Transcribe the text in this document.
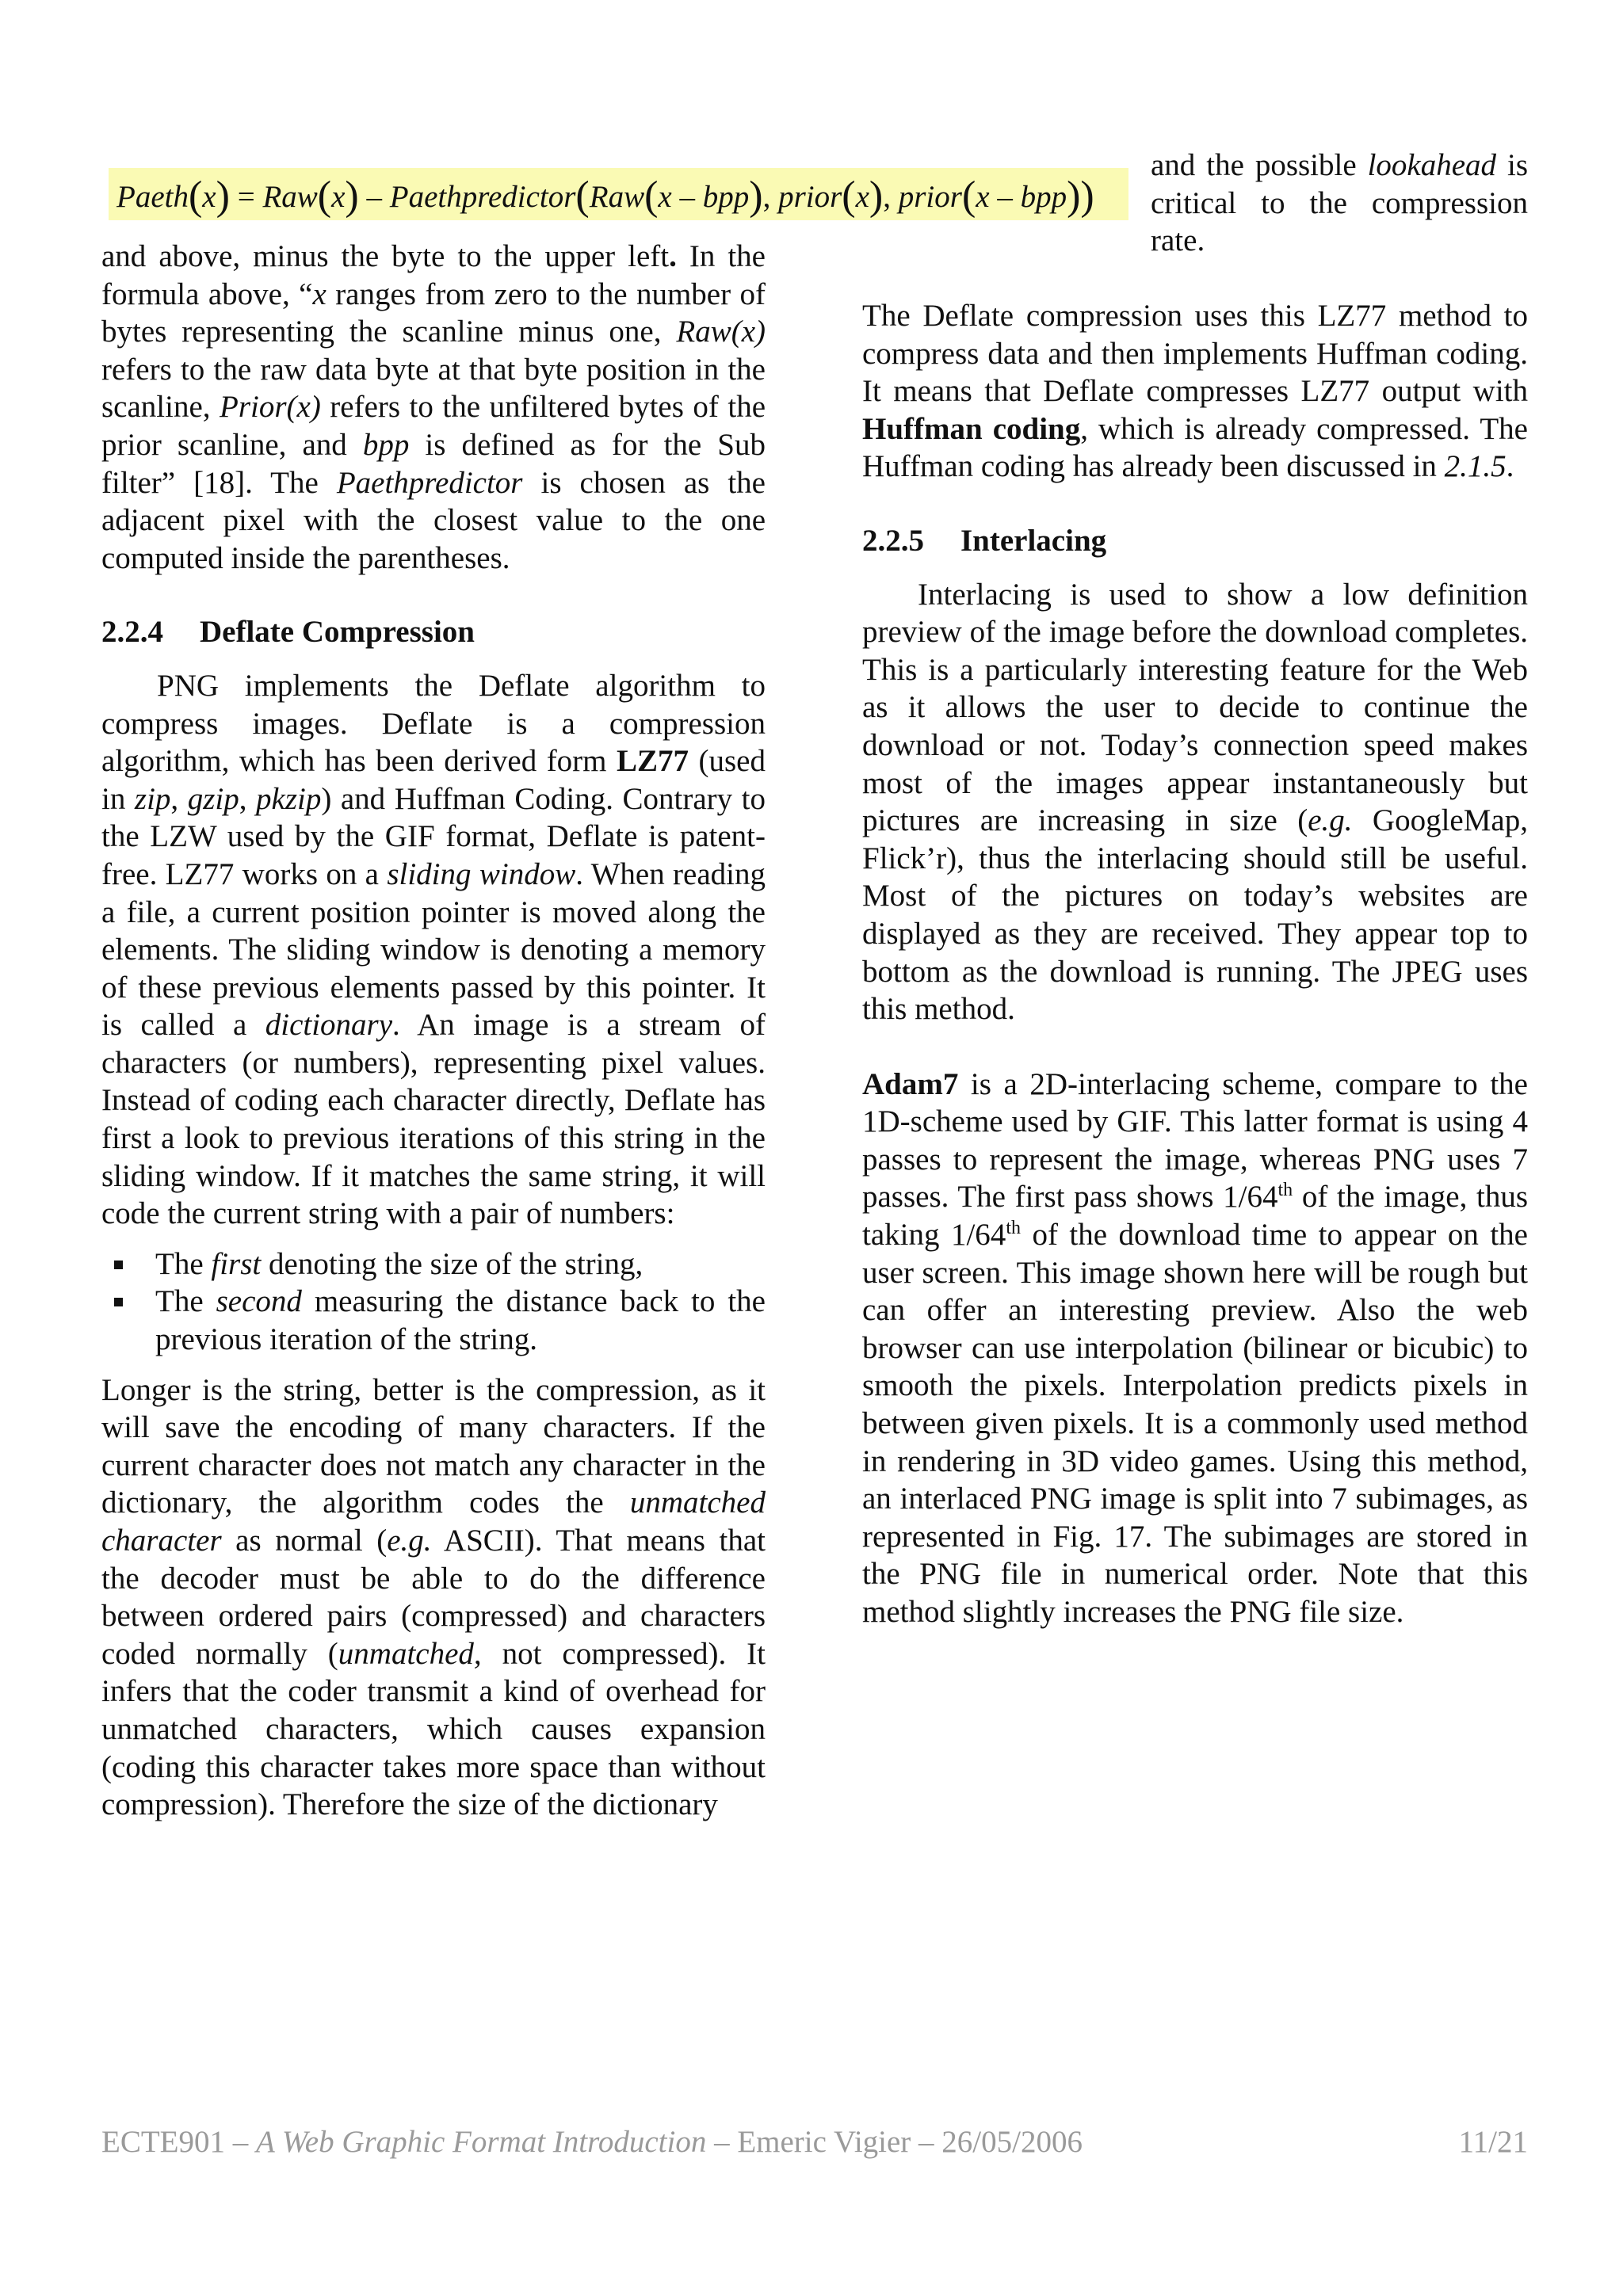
Paeth(x) = Raw(x) – Paethpredictor(Raw(x – bpp), prior(x), prior(x – bpp))
and the possible lookahead is critical to the compression rate.

and above, minus the byte to the upper left. In the formula above, “x ranges from zero to the number of bytes representing the scanline minus one, Raw(x) refers to the raw data byte at that byte position in the scanline, Prior(x) refers to the unfiltered bytes of the prior scanline, and bpp is defined as for the Sub filter” [18]. The Paethpredictor is chosen as the adjacent pixel with the closest value to the one computed inside the parentheses.

2.2.4 Deflate Compression

PNG implements the Deflate algorithm to compress images. Deflate is a compression algorithm, which has been derived form LZ77 (used in zip, gzip, pkzip) and Huffman Coding. Contrary to the LZW used by the GIF format, Deflate is patent-free. LZ77 works on a sliding window. When reading a file, a current position pointer is moved along the elements. The sliding window is denoting a memory of these previous elements passed by this pointer. It is called a dictionary. An image is a stream of characters (or numbers), representing pixel values. Instead of coding each character directly, Deflate has first a look to previous iterations of this string in the sliding window. If it matches the same string, it will code the current string with a pair of numbers:

The first denoting the size of the string,
The second measuring the distance back to the previous iteration of the string.

Longer is the string, better is the compression, as it will save the encoding of many characters. If the current character does not match any character in the dictionary, the algorithm codes the unmatched character as normal (e.g. ASCII). That means that the decoder must be able to do the difference between ordered pairs (compressed) and characters coded normally (unmatched, not compressed). It infers that the coder transmit a kind of overhead for unmatched characters, which causes expansion (coding this character takes more space than without compression). Therefore the size of the dictionary

The Deflate compression uses this LZ77 method to compress data and then implements Huffman coding. It means that Deflate compresses LZ77 output with Huffman coding, which is already compressed. The Huffman coding has already been discussed in 2.1.5.

2.2.5 Interlacing

Interlacing is used to show a low definition preview of the image before the download completes. This is a particularly interesting feature for the Web as it allows the user to decide to continue the download or not. Today’s connection speed makes most of the images appear instantaneously but pictures are increasing in size (e.g. GoogleMap, Flick’r), thus the interlacing should still be useful. Most of the pictures on today’s websites are displayed as they are received. They appear top to bottom as the download is running. The JPEG uses this method.

Adam7 is a 2D-interlacing scheme, compare to the 1D-scheme used by GIF. This latter format is using 4 passes to represent the image, whereas PNG uses 7 passes. The first pass shows 1/64th of the image, thus taking 1/64th of the download time to appear on the user screen. This image shown here will be rough but can offer an interesting preview. Also the web browser can use interpolation (bilinear or bicubic) to smooth the pixels. Interpolation predicts pixels in between given pixels. It is a commonly used method in rendering in 3D video games. Using this method, an interlaced PNG image is split into 7 subimages, as represented in Fig. 17. The subimages are stored in the PNG file in numerical order. Note that this method slightly increases the PNG file size.

ECTE901 – A Web Graphic Format Introduction – Emeric Vigier – 26/05/2006	11/21
